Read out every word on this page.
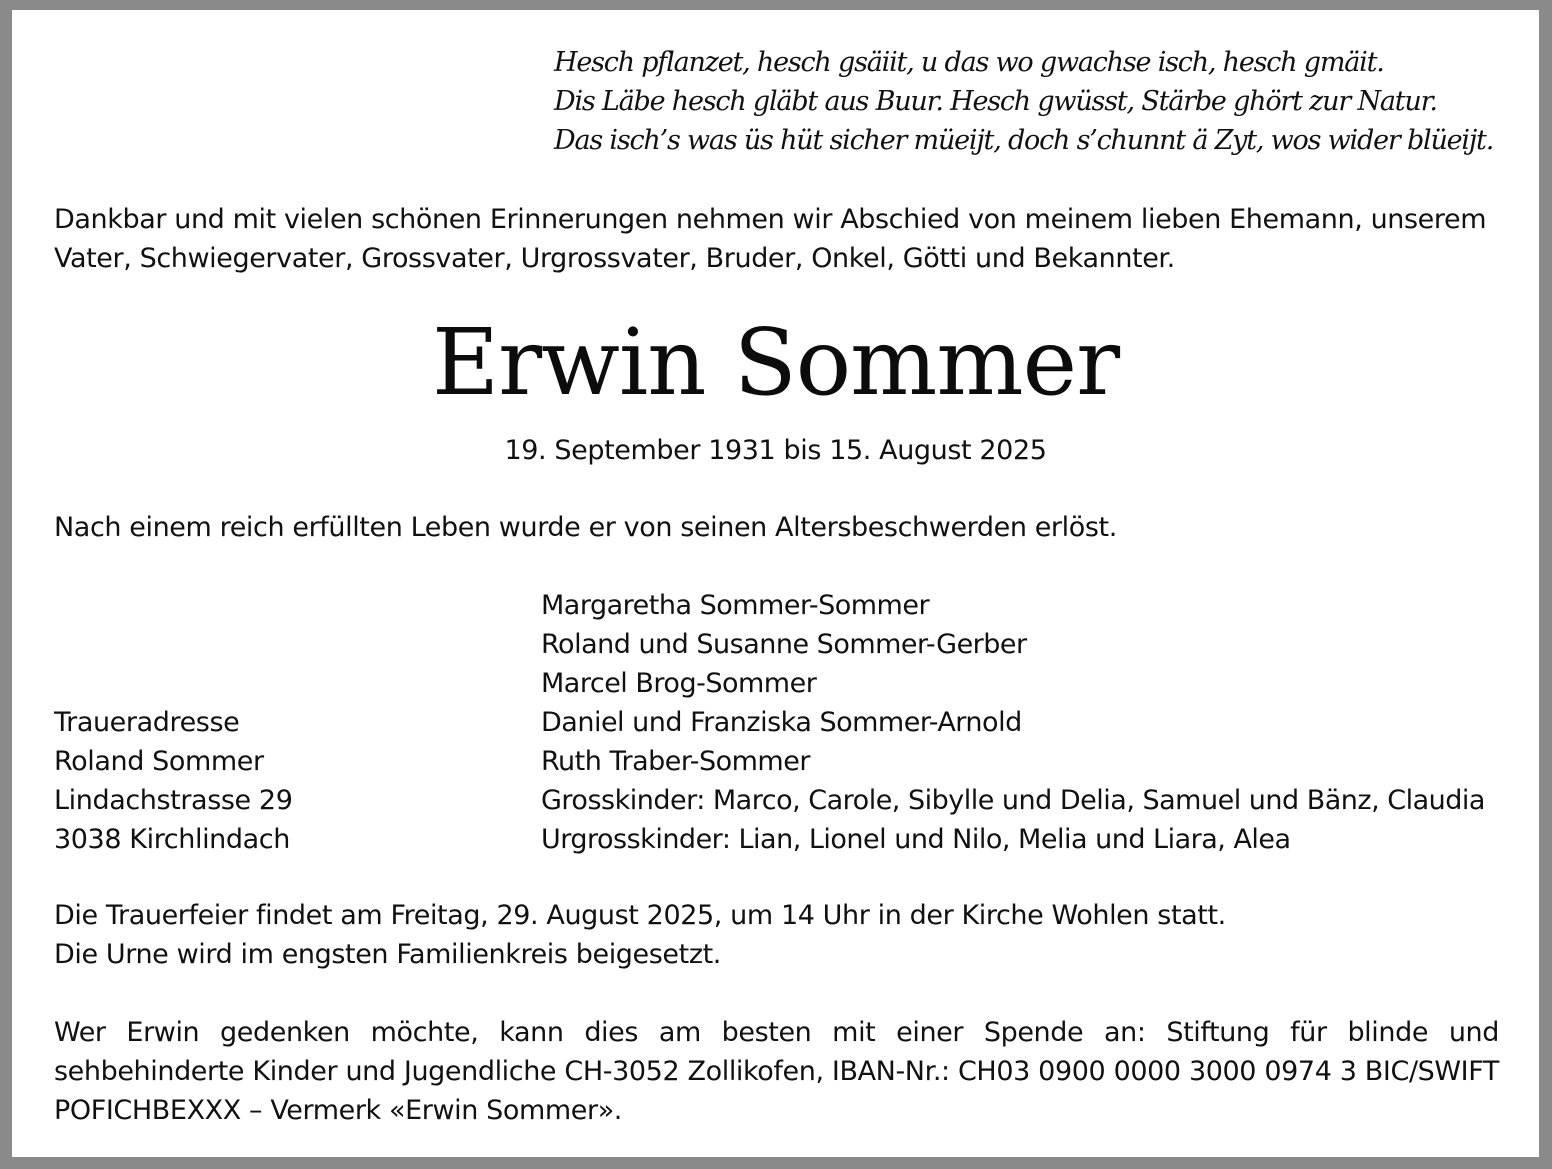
Hesch pflanzet, hesch gsäiit, u das wo gwachse isch, hesch gmäit.
Dis Läbe hesch gläbt aus Buur. Hesch gwüsst, Stärbe ghört zur Natur.
Das isch’s was üs hüt sicher müeijt, doch s’chunnt ä Zyt, wos wider blüeijt.
Dankbar und mit vielen schönen Erinnerungen nehmen wir Abschied von meinem lieben Ehemann, unserem Vater, Schwiegervater, Grossvater, Urgrossvater, Bruder, Onkel, Götti und Bekannter.
Erwin Sommer
19. September 1931 bis 15. August 2025
Nach einem reich erfüllten Leben wurde er von seinen Altersbeschwerden erlöst.
Margaretha Sommer-Sommer
Roland und Susanne Sommer-Gerber
Marcel Brog-Sommer
Daniel und Franziska Sommer-Arnold
Ruth Traber-Sommer
Grosskinder: Marco, Carole, Sibylle und Delia, Samuel und Bänz, Claudia
Urgrosskinder: Lian, Lionel und Nilo, Melia und Liara, Alea
Traueradresse
Roland Sommer
Lindachstrasse 29
3038 Kirchlindach
Die Trauerfeier findet am Freitag, 29. August 2025, um 14 Uhr in der Kirche Wohlen statt.
Die Urne wird im engsten Familienkreis beigesetzt.
Wer Erwin gedenken möchte, kann dies am besten mit einer Spende an: Stiftung für blinde und sehbehinderte Kinder und Jugendliche CH-3052 Zollikofen, IBAN-Nr.: CH03 0900 0000 3000 0974 3 BIC/SWIFT POFICHBEXXX – Vermerk «Erwin Sommer».
